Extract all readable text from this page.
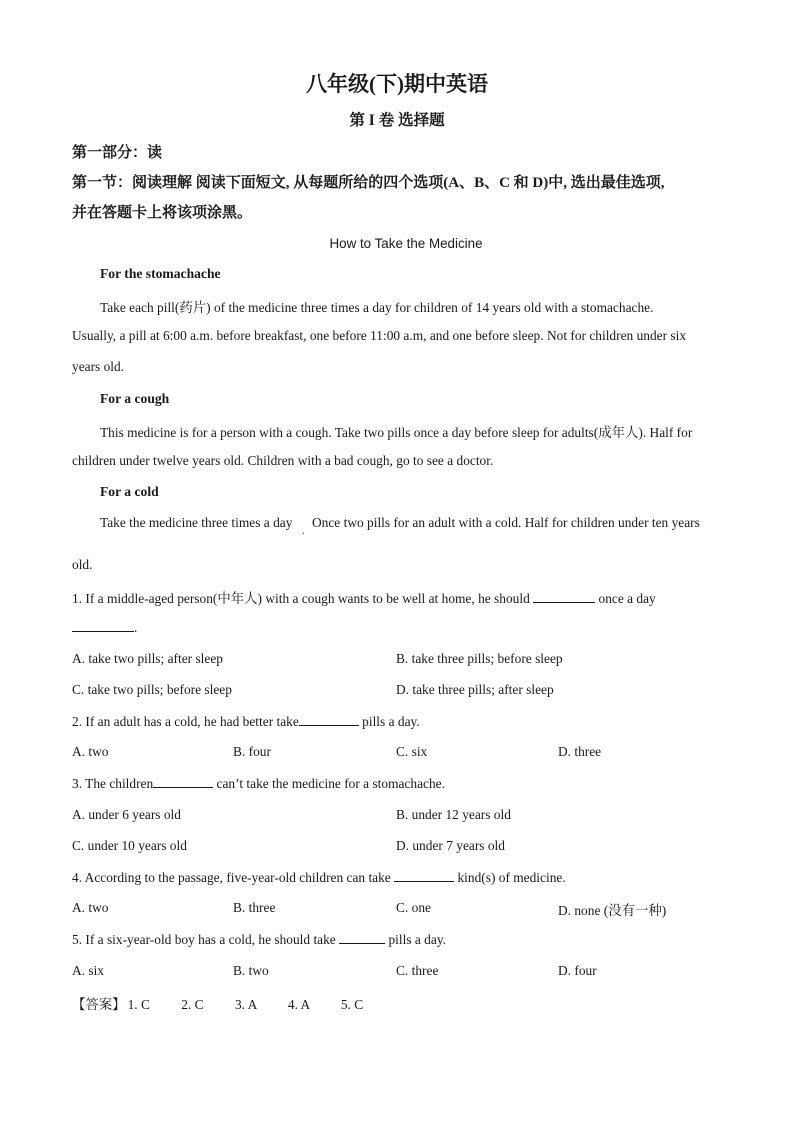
八年级(下)期中英语
第 I 卷 选择题
第一部分：读
第一节：阅读理解 阅读下面短文, 从每题所给的四个选项(A、B、C 和 D)中, 选出最佳选项,
并在答题卡上将该项涂黑。
How to Take the Medicine
For the stomachache
Take each pill(药片) of the medicine three times a day for children of 14 years old with a stomachache.
Usually, a pill at 6:00 a.m. before breakfast, one before 11:00 a.m, and one before sleep. Not for children under six
years old.
For a cough
This medicine is for a person with a cough. Take two pills once a day before sleep for adults(成年人). Half for
children under twelve years old. Children with a bad cough, go to see a doctor.
For a cold
Take the medicine three times a day
.
Once two pills for an adult with a cold. Half for children under ten years
old.
1. If a middle-aged person(中年人) with a cough wants to be well at home, he should	once a day
.
A. take two pills; after sleep	B. take three pills; before sleep
C. take two pills; before sleep	D. take three pills; after sleep
2. If an adult has a cold, he had better take	pills a day.
A. two	B. four	C. six	D. three
3. The children	can’t take the medicine for a stomachache.
A. under 6 years old	B. under 12 years old
C. under 10 years old	D. under 7 years old
4. According to the passage, five-year-old children can take	kind(s) of medicine.
A. two	B. three	C. one	D. none (没有一种)
5. If a six-year-old boy has a cold, he should take	pills a day.
A. six	B. two	C. three	D. four
【答案】 1. C 2. C 3. A 4. A 5. C
